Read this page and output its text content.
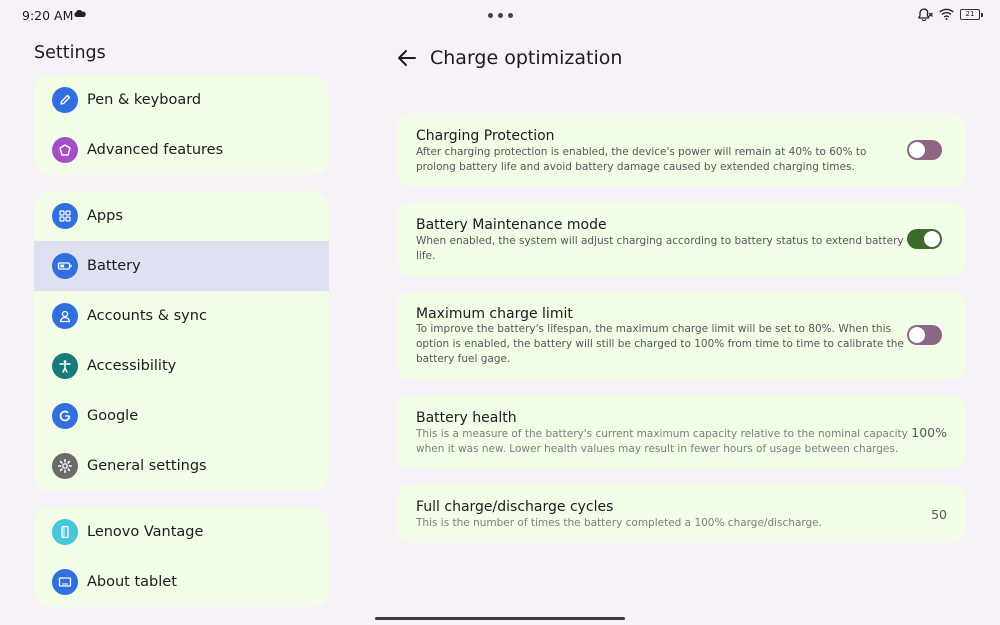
9:20 AM	21
Settings
Pen & keyboard
Advanced features
Apps
Battery
Accounts & sync
Accessibility
Google
General settings
Lenovo Vantage
About tablet
Charge optimization
Charging Protection
After charging protection is enabled, the device's power will remain at 40% to 60% to
prolong battery life and avoid battery damage caused by extended charging times.
Battery Maintenance mode
When enabled, the system will adjust charging according to battery status to extend battery
life.
Maximum charge limit
To improve the battery's lifespan, the maximum charge limit will be set to 80%. When this
option is enabled, the battery will still be charged to 100% from time to time to calibrate the
battery fuel gage.
Battery health
This is a measure of the battery's current maximum capacity relative to the nominal capacity
when it was new. Lower health values may result in fewer hours of usage between charges.
100%
Full charge/discharge cycles
This is the number of times the battery completed a 100% charge/discharge.
50
